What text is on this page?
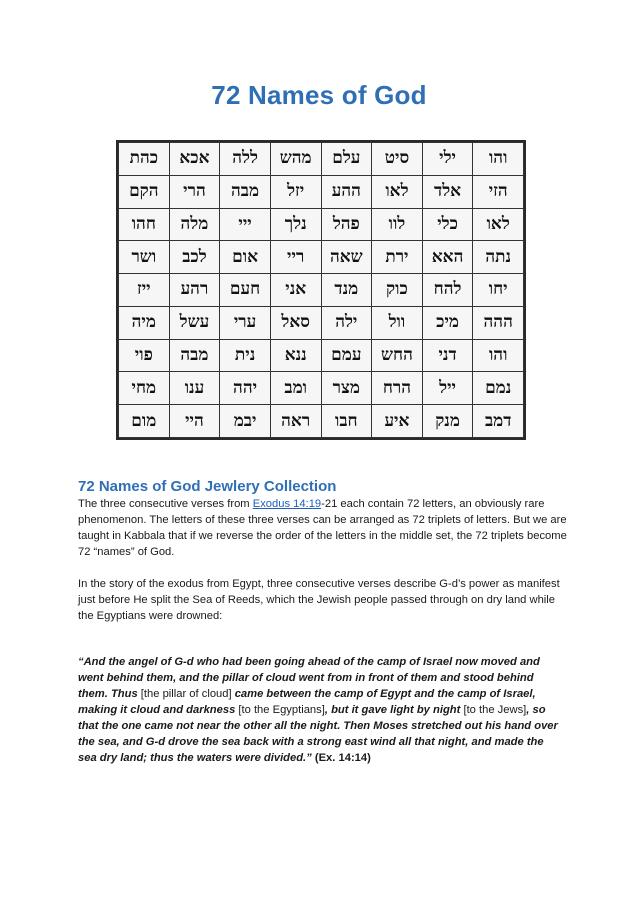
72 Names of God
והו	ילי	סיט	עלם	מהש	ללה	אכא	כהת
הזי	אלד	לאו	ההע	יזל	מבה	הרי	הקם
לאו	כלי	לוו	פהל	נלך	ייי	מלה	חהו
נתה	האא	ירת	שאה	ריי	אום	לכב	ושר
יחו	להח	כוק	מנד	אני	חעם	רהע	ייז
ההה	מיכ	וול	ילה	סאל	ערי	עשל	מיה
והו	דני	החש	עמם	ננא	נית	מבה	פוי
נמם	ייל	הרח	מצר	ומב	יהה	ענו	מחי
דמב	מנק	איע	חבו	ראה	יבמ	היי	מום
72 Names of God Jewlery Collection
The three consecutive verses from Exodus 14:19-21 each contain 72 letters, an obviously rare phenomenon. The letters of these three verses can be arranged as 72 triplets of letters. But we are taught in Kabbala that if we reverse the order of the letters in the middle set, the 72 triplets become 72 “names” of God.
In the story of the exodus from Egypt, three consecutive verses describe G-d’s power as manifest just before He split the Sea of Reeds, which the Jewish people passed through on dry land while the Egyptians were drowned:
“And the angel of G-d who had been going ahead of the camp of Israel now moved and went behind them, and the pillar of cloud went from in front of them and stood behind them. Thus [the pillar of cloud] came between the camp of Egypt and the camp of Israel, making it cloud and darkness [to the Egyptians], but it gave light by night [to the Jews], so that the one came not near the other all the night. Then Moses stretched out his hand over the sea, and G-d drove the sea back with a strong east wind all that night, and made the sea dry land; thus the waters were divided.” (Ex. 14:14)
